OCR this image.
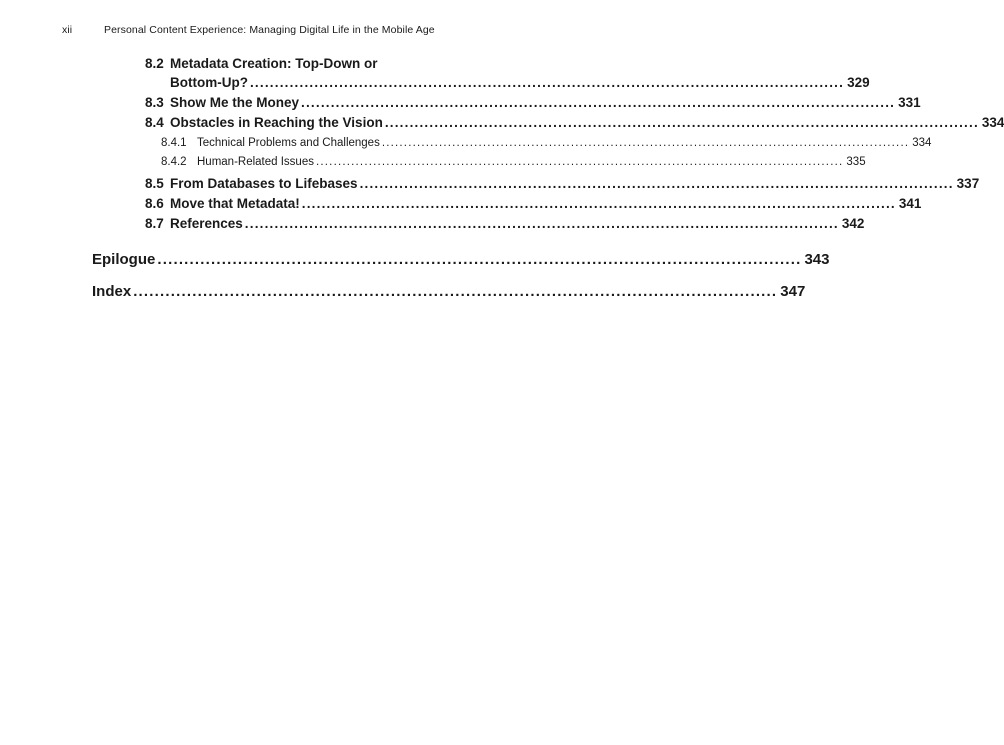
xii	Personal Content Experience: Managing Digital Life in the Mobile Age
8.2 Metadata Creation: Top-Down or
Bottom-Up? ........................................................................................................................ 329
8.3 Show Me the Money ........................................................................................................................ 331
8.4 Obstacles in Reaching the Vision ........................................................................................................................ 334
8.4.1 Technical Problems and Challenges ........................................................................................................................ 334
8.4.2 Human-Related Issues ........................................................................................................................ 335
8.5 From Databases to Lifebases ........................................................................................................................ 337
8.6 Move that Metadata! ........................................................................................................................ 341
8.7 References ........................................................................................................................ 342
Epilogue ........................................................................................................................ 343
Index ........................................................................................................................ 347
